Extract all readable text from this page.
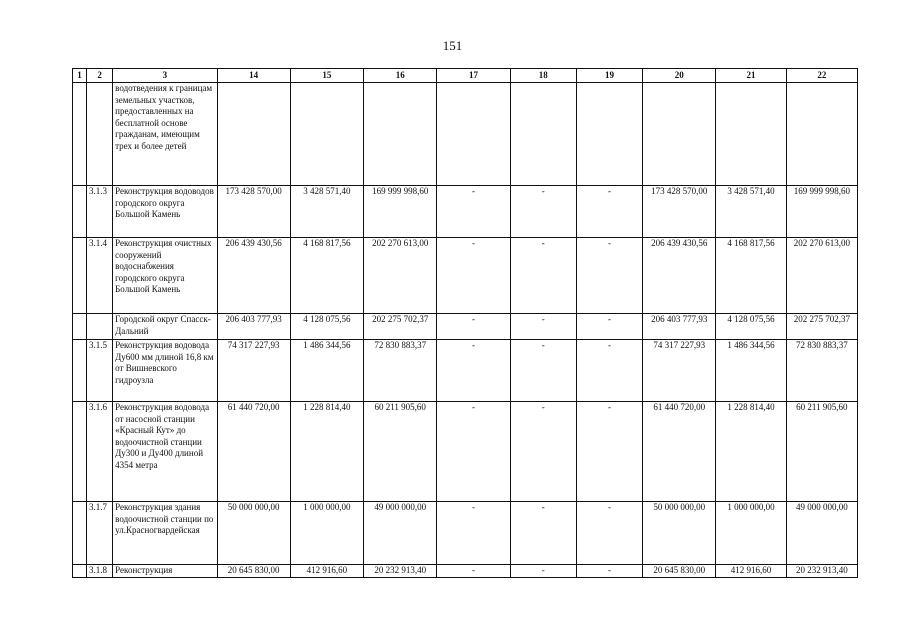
151
1	2	3	14	15	16	17	18	19	20	21	22
		водотведения к границам земельных участков, предоставленных на бесплатной основе гражданам, имеющим трех и более детей									
	3.1.3	Реконструкция водоводов городского округа Большой Камень	173 428 570,00	3 428 571,40	169 999 998,60	-	-	-	173 428 570,00	3 428 571,40	169 999 998,60
	3.1.4	Реконструкция очистных сооружений водоснабжения городского округа Большой Камень	206 439 430,56	4 168 817,56	202 270 613,00	-	-	-	206 439 430,56	4 168 817,56	202 270 613,00
		Городской округ Спасск-Дальний	206 403 777,93	4 128 075,56	202 275 702,37	-	-	-	206 403 777,93	4 128 075,56	202 275 702,37
	3.1.5	Реконструкция водовода Ду600 мм длиной 16,8 км от Вишневского гидроузла	74 317 227,93	1 486 344,56	72 830 883,37	-	-	-	74 317 227,93	1 486 344,56	72 830 883,37
	3.1.6	Реконструкция водовода от насосной станции «Красный Кут» до водоочистной станции Ду300 и Ду400 длиной 4354 метра	61 440 720,00	1 228 814,40	60 211 905,60	-	-	-	61 440 720,00	1 228 814,40	60 211 905,60
	3.1.7	Реконструкция здания водоочистной станции по ул.Красногвардейская	50 000 000,00	1 000 000,00	49 000 000,00	-	-	-	50 000 000,00	1 000 000,00	49 000 000,00
	3.1.8	Реконструкция	20 645 830,00	412 916,60	20 232 913,40	-	-	-	20 645 830,00	412 916,60	20 232 913,40
